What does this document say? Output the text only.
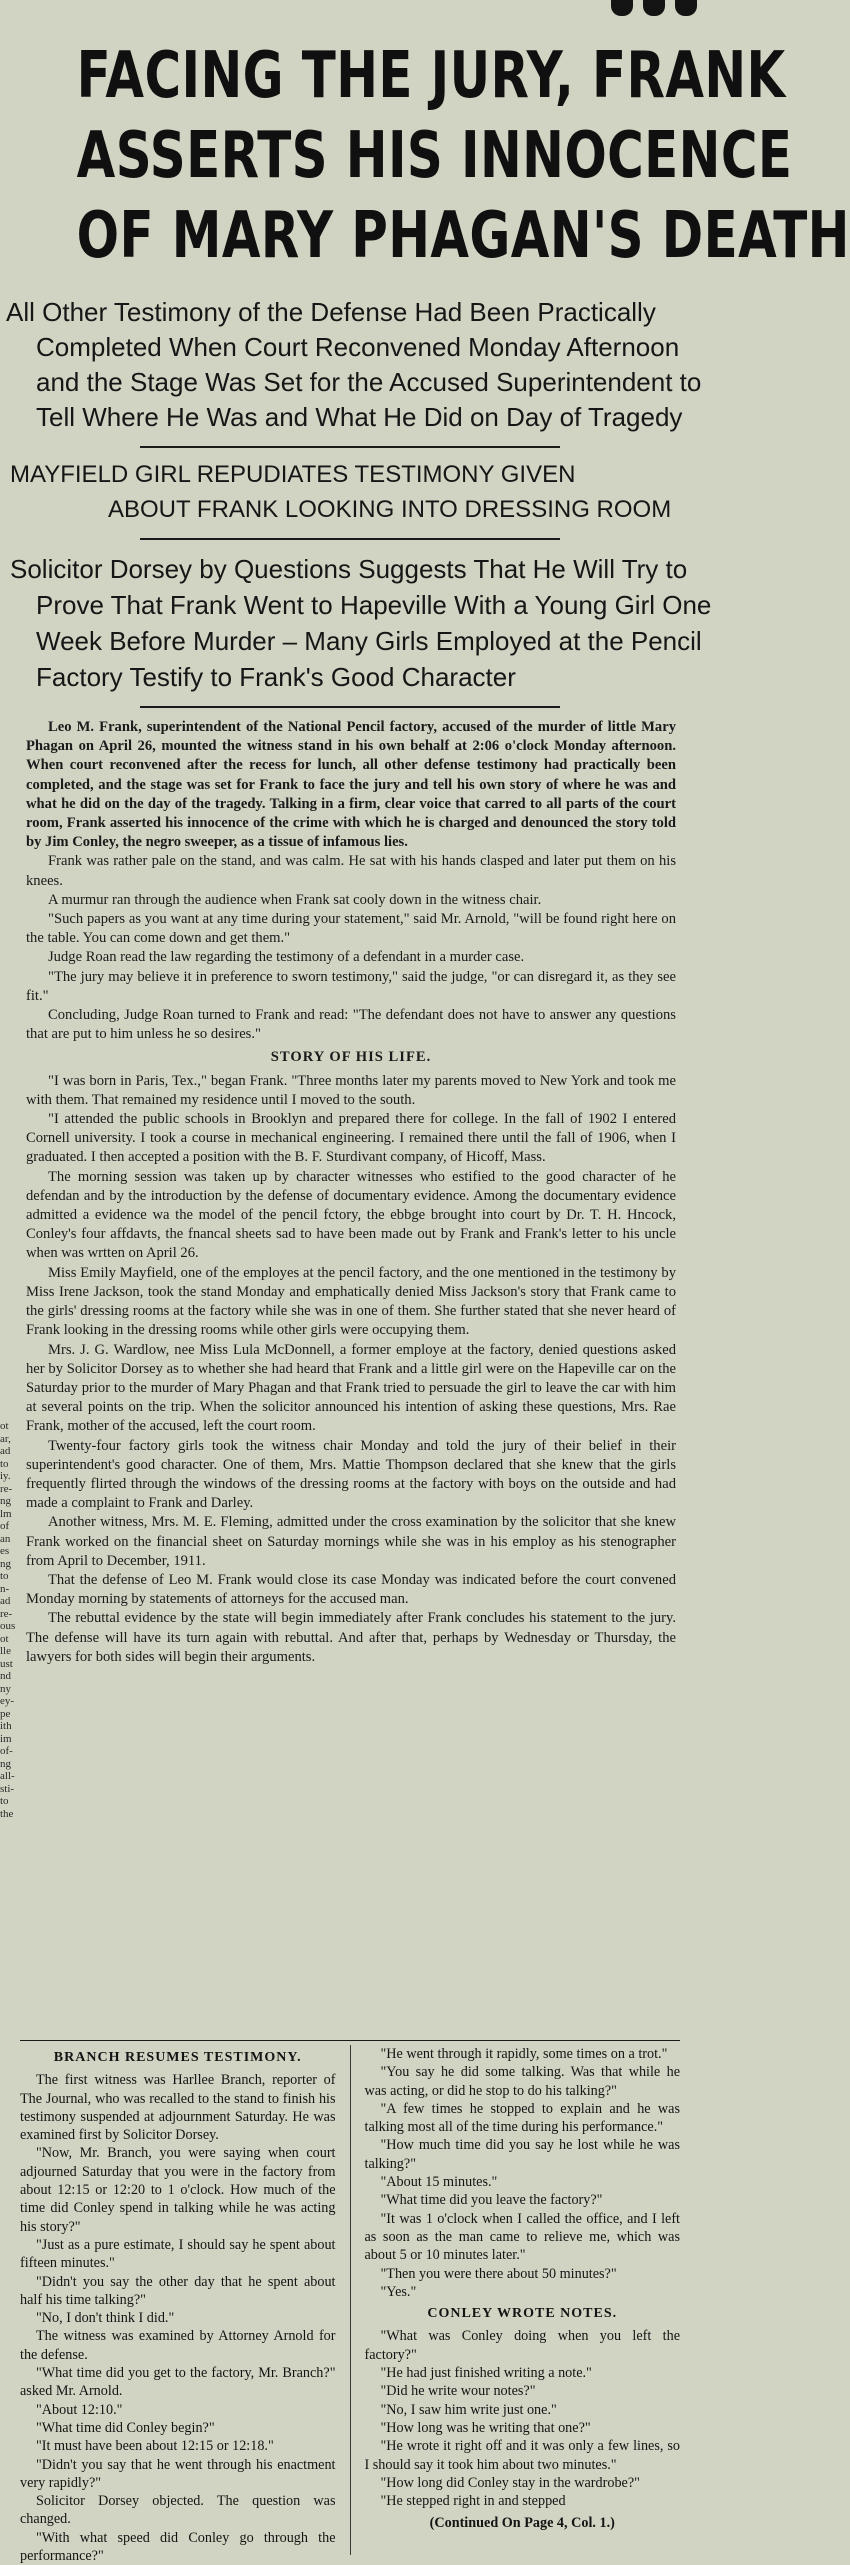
FACING THE JURY, FRANK
ASSERTS HIS INNOCENCE
OF MARY PHAGAN'S DEATH
All Other Testimony of the Defense Had Been Practically
Completed When Court Reconvened Monday Afternoon
and the Stage Was Set for the Accused Superintendent to
Tell Where He Was and What He Did on Day of Tragedy
MAYFIELD GIRL REPUDIATES TESTIMONY GIVEN
ABOUT FRANK LOOKING INTO DRESSING ROOM
Solicitor Dorsey by Questions Suggests That He Will Try to
Prove That Frank Went to Hapeville With a Young Girl One
Week Before Murder – Many Girls Employed at the Pencil
Factory Testify to Frank's Good Character

Leo M. Frank, superintendent of the National Pencil factory, accused of the murder of little Mary Phagan on April 26, mounted the witness stand in his own behalf at 2:06 o'clock Monday afternoon. When court reconvened after the recess for lunch, all other defense testimony had practically been completed, and the stage was set for Frank to face the jury and tell his own story of where he was and what he did on the day of the tragedy. Talking in a firm, clear voice that carred to all parts of the court room, Frank asserted his innocence of the crime with which he is charged and denounced the story told by Jim Conley, the negro sweeper, as a tissue of infamous lies.

Frank was rather pale on the stand, and was calm. He sat with his hands clasped and later put them on his knees.

A murmur ran through the audience when Frank sat cooly down in the witness chair.

"Such papers as you want at any time during your statement," said Mr. Arnold, "will be found right here on the table. You can come down and get them."

Judge Roan read the law regarding the testimony of a defendant in a murder case.

"The jury may believe it in preference to sworn testimony," said the judge, "or can disregard it, as they see fit."

Concluding, Judge Roan turned to Frank and read: "The defendant does not have to answer any questions that are put to him unless he so desires."

STORY OF HIS LIFE.

"I was born in Paris, Tex.," began Frank. "Three months later my parents moved to New York and took me with them. That remained my residence until I moved to the south.

"I attended the public schools in Brooklyn and prepared there for college. In the fall of 1902 I entered Cornell university. I took a course in mechanical engineering. I remained there until the fall of 1906, when I graduated. I then accepted a position with the B. F. Sturdivant company, of Hicoff, Mass.

The morning session was taken up by character witnesses who estified to the good character of he defendan and by the introduction by the defense of documentary evidence. Among the documentary evidence admitted a evidence wa the model of the pencil fctory, the ebbge brought into court by Dr. T. H. Hncock, Conley's four affdavts, the fnancal sheets sad to have been made out by Frank and Frank's letter to his uncle when was wrtten on April 26.

Miss Emily Mayfield, one of the employes at the pencil factory, and the one mentioned in the testimony by Miss Irene Jackson, took the stand Monday and emphatically denied Miss Jackson's story that Frank came to the girls' dressing rooms at the factory while she was in one of them. She further stated that she never heard of Frank looking in the dressing rooms while other girls were occupying them.

Mrs. J. G. Wardlow, nee Miss Lula McDonnell, a former employe at the factory, denied questions asked her by Solicitor Dorsey as to whether she had heard that Frank and a little girl were on the Hapeville car on the Saturday prior to the murder of Mary Phagan and that Frank tried to persuade the girl to leave the car with him at several points on the trip. When the solicitor announced his intention of asking these questions, Mrs. Rae Frank, mother of the accused, left the court room.

Twenty-four factory girls took the witness chair Monday and told the jury of their belief in their superintendent's good character. One of them, Mrs. Mattie Thompson declared that she knew that the girls frequently flirted through the windows of the dressing rooms at the factory with boys on the outside and had made a complaint to Frank and Darley.

Another witness, Mrs. M. E. Fleming, admitted under the cross examination by the solicitor that she knew Frank worked on the financial sheet on Saturday mornings while she was in his employ as his stenographer from April to December, 1911.

That the defense of Leo M. Frank would close its case Monday was indicated before the court convened Monday morning by statements of attorneys for the accused man.

The rebuttal evidence by the state will begin immediately after Frank concludes his statement to the jury. The defense will have its turn again with rebuttal. And after that, perhaps by Wednesday or Thursday, the lawyers for both sides will begin their arguments.

BRANCH RESUMES TESTIMONY.

The first witness was Harllee Branch, reporter of The Journal, who was recalled to the stand to finish his testimony suspended at adjournment Saturday. He was examined first by Solicitor Dorsey.

"Now, Mr. Branch, you were saying when court adjourned Saturday that you were in the factory from about 12:15 or 12:20 to 1 o'clock. How much of the time did Conley spend in talking while he was acting his story?"

"Just as a pure estimate, I should say he spent about fifteen minutes."

"Didn't you say the other day that he spent about half his time talking?"

"No, I don't think I did."

The witness was examined by Attorney Arnold for the defense.

"What time did you get to the factory, Mr. Branch?" asked Mr. Arnold.

"About 12:10."

"What time did Conley begin?"

"It must have been about 12:15 or 12:18."

"Didn't you say that he went through his enactment very rapidly?"

Solicitor Dorsey objected. The question was changed.

"With what speed did Conley go through the performance?"

"He went through it rapidly, some times on a trot."

"You say he did some talking. Was that while he was acting, or did he stop to do his talking?"

"A few times he stopped to explain and he was talking most all of the time during his performance."

"How much time did you say he lost while he was talking?"

"About 15 minutes."

"What time did you leave the factory?"

"It was 1 o'clock when I called the office, and I left as soon as the man came to relieve me, which was about 5 or 10 minutes later."

"Then you were there about 50 minutes?"

"Yes."

CONLEY WROTE NOTES.

"What was Conley doing when you left the factory?"

"He had just finished writing a note."

"Did he write wour notes?"

"No, I saw him write just one."

"How long was he writing that one?"

"He wrote it right off and it was only a few lines, so I should say it took him about two minutes."

"How long did Conley stay in the wardrobe?"

"He stepped right in and stepped

(Continued On Page 4, Col. 1.)

ot
ar,
ad
to
iy.
re-
ng
lm
of
an
es
ng
to
n-
ad
re-
ous
ot
lle
ust
nd
ny
ey-
pe
ith
im
of-
ng
all-
sti-
to
the
